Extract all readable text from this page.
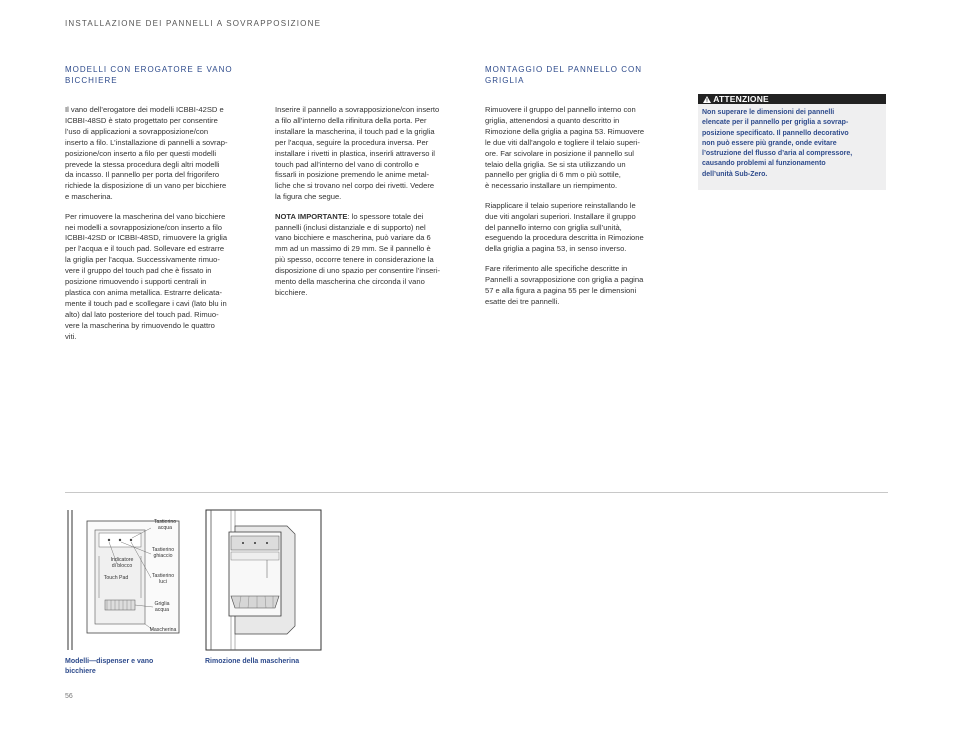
INSTALLAZIONE DEI PANNELLI A SOVRAPPOSIZIONE
MODELLI CON EROGATORE E VANO
BICCHIERE
MONTAGGIO DEL PANNELLO CON
GRIGLIA

Il vano dell’erogatore dei modelli ICBBI-42SD e
ICBBI-48SD è stato progettato per consentire
l’uso di applicazioni a sovrapposizione/con
inserto a filo. L’installazione di pannelli a sovrap-
posizione/con inserto a filo per questi modelli
prevede la stessa procedura degli altri modelli
da incasso. Il pannello per porta del frigorifero
richiede la disposizione di un vano per bicchiere
e mascherina.

Per rimuovere la mascherina del vano bicchiere
nei modelli a sovrapposizione/con inserto a filo
ICBBI-42SD or ICBBI-48SD, rimuovere la griglia
per l’acqua e il touch pad. Sollevare ed estrarre
la griglia per l’acqua. Successivamente rimuo-
vere il gruppo del touch pad che è fissato in
posizione rimuovendo i supporti centrali in
plastica con anima metallica. Estrarre delicata-
mente il touch pad e scollegare i cavi (lato blu in
alto) dal lato posteriore del touch pad. Rimuo-
vere la mascherina by rimuovendo le quattro
viti.

Inserire il pannello a sovrapposizione/con inserto
a filo all’interno della rifinitura della porta. Per
installare la mascherina, il touch pad e la griglia
per l’acqua, seguire la procedura inversa. Per
installare i rivetti in plastica, inserirli attraverso il
touch pad all’interno del vano di controllo e
fissarli in posizione premendo le anime metal-
liche che si trovano nel corpo dei rivetti. Vedere
la figura che segue.

NOTA IMPORTANTE: lo spessore totale dei
pannelli (inclusi distanziale e di supporto) nel
vano bicchiere e mascherina, può variare da 6
mm ad un massimo di 29 mm. Se il pannello è
più spesso, occorre tenere in considerazione la
disposizione di uno spazio per consentire l’inseri-
mento della mascherina che circonda il vano
bicchiere.

Rimuovere il gruppo del pannello interno con
griglia, attenendosi a quanto descritto in
Rimozione della griglia a pagina 53. Rimuovere
le due viti dall’angolo e togliere il telaio superi-
ore. Far scivolare in posizione il pannello sul
telaio della griglia. Se si sta utilizzando un
pannello per griglia di 6 mm o più sottile,
è necessario installare un riempimento.

Riapplicare il telaio superiore reinstallando le
due viti angolari superiori. Installare il gruppo
del pannello interno con griglia sull’unità,
eseguendo la procedura descritta in Rimozione
della griglia a pagina 53, in senso inverso.

Fare riferimento alle specifiche descritte in
Pannelli a sovrapposizione con griglia a pagina
57 e alla figura a pagina 55 per le dimensioni
esatte dei tre pannelli.

ATTENZIONE
Non superare le dimensioni dei pannelli
elencate per il pannello per griglia a sovrap-
posizione specificato. Il pannello decorativo
non può essere più grande, onde evitare
l’ostruzione del flusso d’aria al compressore,
causando problemi al funzionamento
dell’unità Sub-Zero.
Tastierino
acqua
Tastierino
ghiaccio
Indicatore
di blocco
Touch Pad	Tastierino
luci
Griglia
acqua
Mascherina
Modelli—dispenser e vano
bicchiere
Rimozione della mascherina
56
